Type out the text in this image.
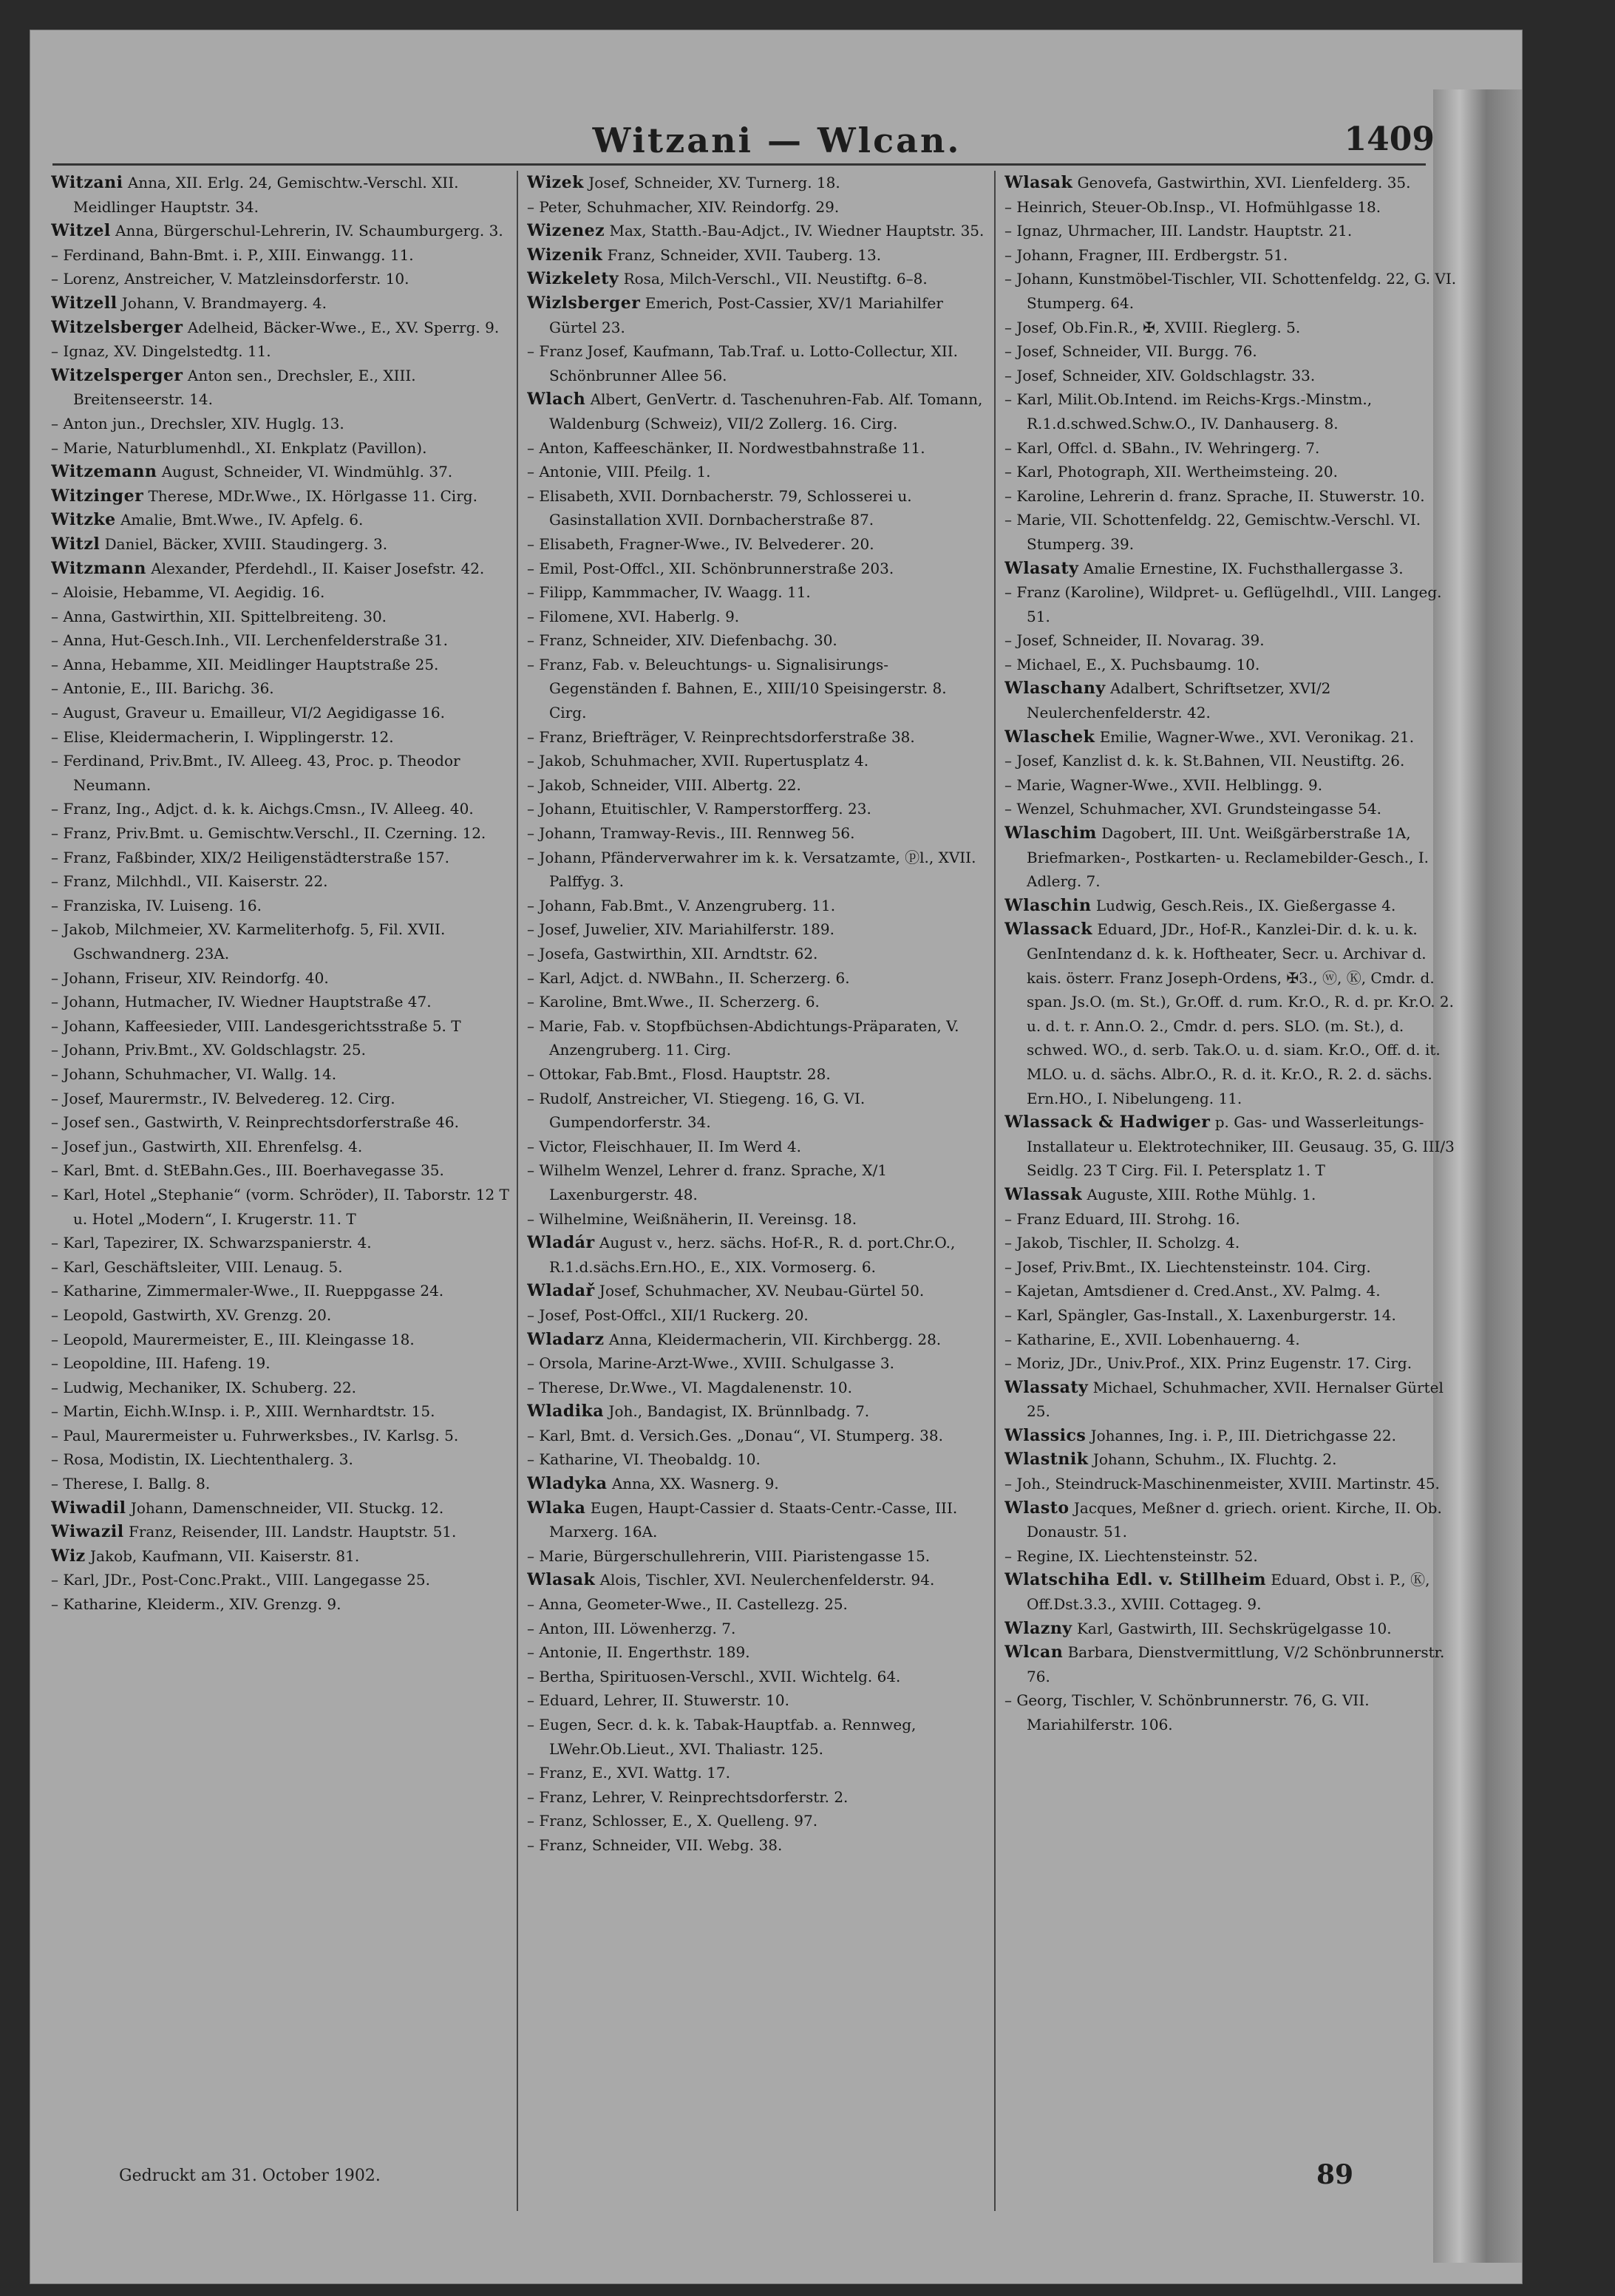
Witzani — Wlcan.	1409

Witzani Anna, XII. Erlg. 24, Gemischtw.-Verschl. XII. Meidlinger Hauptstr. 34.

Witzel Anna, Bürgerschul-Lehrerin, IV. Schaumburgerg. 3.

– Ferdinand, Bahn-Bmt. i. P., XIII. Einwangg. 11.

– Lorenz, Anstreicher, V. Matzleinsdorferstr. 10.

Witzell Johann, V. Brandmayerg. 4.

Witzelsberger Adelheid, Bäcker-Wwe., E., XV. Sperrg. 9.

– Ignaz, XV. Dingelstedtg. 11.

Witzelsperger Anton sen., Drechsler, E., XIII. Breitenseerstr. 14.

– Anton jun., Drechsler, XIV. Huglg. 13.

– Marie, Naturblumenhdl., XI. Enkplatz (Pavillon).

Witzemann August, Schneider, VI. Windmühlg. 37.

Witzinger Therese, MDr.Wwe., IX. Hörlgasse 11. Cirg.

Witzke Amalie, Bmt.Wwe., IV. Apfelg. 6.

Witzl Daniel, Bäcker, XVIII. Staudingerg. 3.

Witzmann Alexander, Pferdehdl., II. Kaiser Josefstr. 42.

– Aloisie, Hebamme, VI. Aegidig. 16.

– Anna, Gastwirthin, XII. Spittelbreiteng. 30.

– Anna, Hut-Gesch.Inh., VII. Lerchenfelderstraße 31.

– Anna, Hebamme, XII. Meidlinger Hauptstraße 25.

– Antonie, E., III. Barichg. 36.

– August, Graveur u. Emailleur, VI/2 Aegidigasse 16.

– Elise, Kleidermacherin, I. Wipplingerstr. 12.

– Ferdinand, Priv.Bmt., IV. Alleeg. 43, Proc. p. Theodor Neumann.

– Franz, Ing., Adjct. d. k. k. Aichgs.Cmsn., IV. Alleeg. 40.

– Franz, Priv.Bmt. u. Gemischtw.Verschl., II. Czerning. 12.

– Franz, Faßbinder, XIX/2 Heiligenstädterstraße 157.

– Franz, Milchhdl., VII. Kaiserstr. 22.

– Franziska, IV. Luiseng. 16.

– Jakob, Milchmeier, XV. Karmeliterhofg. 5, Fil. XVII. Gschwandnerg. 23A.

– Johann, Friseur, XIV. Reindorfg. 40.

– Johann, Hutmacher, IV. Wiedner Hauptstraße 47.

– Johann, Kaffeesieder, VIII. Landesgerichtsstraße 5. T

– Johann, Priv.Bmt., XV. Goldschlagstr. 25.

– Johann, Schuhmacher, VI. Wallg. 14.

– Josef, Maurermstr., IV. Belvedereg. 12. Cirg.

– Josef sen., Gastwirth, V. Reinprechtsdorferstraße 46.

– Josef jun., Gastwirth, XII. Ehrenfelsg. 4.

– Karl, Bmt. d. StEBahn.Ges., III. Boerhavegasse 35.

– Karl, Hotel „Stephanie“ (vorm. Schröder), II. Taborstr. 12 T u. Hotel „Modern“, I. Krugerstr. 11. T

– Karl, Tapezirer, IX. Schwarzspanierstr. 4.

– Karl, Geschäftsleiter, VIII. Lenaug. 5.

– Katharine, Zimmermaler-Wwe., II. Rueppgasse 24.

– Leopold, Gastwirth, XV. Grenzg. 20.

– Leopold, Maurermeister, E., III. Kleingasse 18.

– Leopoldine, III. Hafeng. 19.

– Ludwig, Mechaniker, IX. Schuberg. 22.

– Martin, Eichh.W.Insp. i. P., XIII. Wernhardtstr. 15.

– Paul, Maurermeister u. Fuhrwerksbes., IV. Karlsg. 5.

– Rosa, Modistin, IX. Liechtenthalerg. 3.

– Therese, I. Ballg. 8.

Wiwadil Johann, Damenschneider, VII. Stuckg. 12.

Wiwazil Franz, Reisender, III. Landstr. Hauptstr. 51.

Wiz Jakob, Kaufmann, VII. Kaiserstr. 81.

– Karl, JDr., Post-Conc.Prakt., VIII. Langegasse 25.

– Katharine, Kleiderm., XIV. Grenzg. 9.

Wizek Josef, Schneider, XV. Turnerg. 18.

– Peter, Schuhmacher, XIV. Reindorfg. 29.

Wizenez Max, Statth.-Bau-Adjct., IV. Wiedner Hauptstr. 35.

Wizenik Franz, Schneider, XVII. Tauberg. 13.

Wizkelety Rosa, Milch-Verschl., VII. Neustiftg. 6–8.

Wizlsberger Emerich, Post-Cassier, XV/1 Mariahilfer Gürtel 23.

– Franz Josef, Kaufmann, Tab.Traf. u. Lotto-Collectur, XII. Schönbrunner Allee 56.

Wlach Albert, GenVertr. d. Taschenuhren-Fab. Alf. Tomann, Waldenburg (Schweiz), VII/2 Zollerg. 16. Cirg.

– Anton, Kaffeeschänker, II. Nordwestbahnstraße 11.

– Antonie, VIII. Pfeilg. 1.

– Elisabeth, XVII. Dornbacherstr. 79, Schlosserei u. Gasinstallation XVII. Dornbacherstraße 87.

– Elisabeth, Fragner-Wwe., IV. Belvederег. 20.

– Emil, Post-Offcl., XII. Schönbrunnerstraße 203.

– Filipp, Kammmacher, IV. Waagg. 11.

– Filomene, XVI. Haberlg. 9.

– Franz, Schneider, XIV. Diefenbachg. 30.

– Franz, Fab. v. Beleuchtungs- u. Signalisirungs-Gegenständen f. Bahnen, E., XIII/10 Speisingerstr. 8. Cirg.

– Franz, Briefträger, V. Reinprechtsdorferstraße 38.

– Jakob, Schuhmacher, XVII. Rupertusplatz 4.

– Jakob, Schneider, VIII. Albertg. 22.

– Johann, Etuitischler, V. Ramperstorfferg. 23.

– Johann, Tramway-Revis., III. Rennweg 56.

– Johann, Pfänderverwahrer im k. k. Versatzamte, ⓟl., XVII. Palffyg. 3.

– Johann, Fab.Bmt., V. Anzengruberg. 11.

– Josef, Juwelier, XIV. Mariahilferstr. 189.

– Josefa, Gastwirthin, XII. Arndtstr. 62.

– Karl, Adjct. d. NWBahn., II. Scherzerg. 6.

– Karoline, Bmt.Wwe., II. Scherzerg. 6.

– Marie, Fab. v. Stopfbüchsen-Abdichtungs-Präparaten, V. Anzengruberg. 11. Cirg.

– Ottokar, Fab.Bmt., Flosd. Hauptstr. 28.

– Rudolf, Anstreicher, VI. Stiegeng. 16, G. VI. Gumpendorferstr. 34.

– Victor, Fleischhauer, II. Im Werd 4.

– Wilhelm Wenzel, Lehrer d. franz. Sprache, X/1 Laxenburgerstr. 48.

– Wilhelmine, Weißnäherin, II. Vereinsg. 18.

Wladár August v., herz. sächs. Hof-R., R. d. port.Chr.O., R.1.d.sächs.Ern.HO., E., XIX. Vormoserg. 6.

Wladař Josef, Schuhmacher, XV. Neubau-Gürtel 50.

– Josef, Post-Offcl., XII/1 Ruckerg. 20.

Wladarz Anna, Kleidermacherin, VII. Kirchbergg. 28.

– Orsola, Marine-Arzt-Wwe., XVIII. Schulgasse 3.

– Therese, Dr.Wwe., VI. Magdalenenstr. 10.

Wladika Joh., Bandagist, IX. Brünnlbadg. 7.

– Karl, Bmt. d. Versich.Ges. „Donau“, VI. Stumperg. 38.

– Katharine, VI. Theobaldg. 10.

Wladyka Anna, XX. Wasnerg. 9.

Wlaka Eugen, Haupt-Cassier d. Staats-Centr.-Casse, III. Marxerg. 16A.

– Marie, Bürgerschullehrerin, VIII. Piaristengasse 15.

Wlasak Alois, Tischler, XVI. Neulerchenfelderstr. 94.

– Anna, Geometer-Wwe., II. Castellezg. 25.

– Anton, III. Löwenherzg. 7.

– Antonie, II. Engerthstr. 189.

– Bertha, Spirituosen-Verschl., XVII. Wichtelg. 64.

– Eduard, Lehrer, II. Stuwerstr. 10.

– Eugen, Secr. d. k. k. Tabak-Hauptfab. a. Rennweg, LWehr.Ob.Lieut., XVI. Thaliastr. 125.

– Franz, E., XVI. Wattg. 17.

– Franz, Lehrer, V. Reinprechtsdorferstr. 2.

– Franz, Schlosser, E., X. Quelleng. 97.

– Franz, Schneider, VII. Webg. 38.

Wlasak Genovefa, Gastwirthin, XVI. Lienfelderg. 35.

– Heinrich, Steuer-Ob.Insp., VI. Hofmühlgasse 18.

– Ignaz, Uhrmacher, III. Landstr. Hauptstr. 21.

– Johann, Fragner, III. Erdbergstr. 51.

– Johann, Kunstmöbel-Tischler, VII. Schottenfeldg. 22, G. VI. Stumperg. 64.

– Josef, Ob.Fin.R., ✠, XVIII. Rieglerg. 5.

– Josef, Schneider, VII. Burgg. 76.

– Josef, Schneider, XIV. Goldschlagstr. 33.

– Karl, Milit.Ob.Intend. im Reichs-Krgs.-Minstm., R.1.d.schwed.Schw.O., IV. Danhauserg. 8.

– Karl, Offcl. d. SBahn., IV. Wehringerg. 7.

– Karl, Photograph, XII. Wertheimsteing. 20.

– Karoline, Lehrerin d. franz. Sprache, II. Stuwerstr. 10.

– Marie, VII. Schottenfeldg. 22, Gemischtw.-Verschl. VI. Stumperg. 39.

Wlasaty Amalie Ernestine, IX. Fuchsthallergasse 3.

– Franz (Karoline), Wildpret- u. Geflügelhdl., VIII. Langeg. 51.

– Josef, Schneider, II. Novarag. 39.

– Michael, E., X. Puchsbaumg. 10.

Wlaschany Adalbert, Schriftsetzer, XVI/2 Neulerchenfelderstr. 42.

Wlaschek Emilie, Wagner-Wwe., XVI. Veronikag. 21.

– Josef, Kanzlist d. k. k. St.Bahnen, VII. Neustiftg. 26.

– Marie, Wagner-Wwe., XVII. Helblingg. 9.

– Wenzel, Schuhmacher, XVI. Grundsteingasse 54.

Wlaschim Dagobert, III. Unt. Weißgärberstraße 1A, Briefmarken-, Postkarten- u. Reclamebilder-Gesch., I. Adlerg. 7.

Wlaschin Ludwig, Gesch.Reis., IX. Gießergasse 4.

Wlassack Eduard, JDr., Hof-R., Kanzlei-Dir. d. k. u. k. GenIntendanz d. k. k. Hoftheater, Secr. u. Archivar d. kais. österr. Franz Joseph-Ordens, ✠3., ⓦ, Ⓚ, Cmdr. d. span. Js.O. (m. St.), Gr.Off. d. rum. Kr.O., R. d. pr. Kr.O. 2. u. d. t. r. Ann.O. 2., Cmdr. d. pers. SLO. (m. St.), d. schwed. WO., d. serb. Tak.O. u. d. siam. Kr.O., Off. d. it. MLO. u. d. sächs. Albr.O., R. d. it. Kr.O., R. 2. d. sächs. Ern.HO., I. Nibelungeng. 11.

Wlassack & Hadwiger p. Gas- und Wasserleitungs-Installateur u. Elektrotechniker, III. Geusaug. 35, G. III/3 Seidlg. 23 T Cirg. Fil. I. Petersplatz 1. T

Wlassak Auguste, XIII. Rothe Mühlg. 1.

– Franz Eduard, III. Strohg. 16.

– Jakob, Tischler, II. Scholzg. 4.

– Josef, Priv.Bmt., IX. Liechtensteinstr. 104. Cirg.

– Kajetan, Amtsdiener d. Cred.Anst., XV. Palmg. 4.

– Karl, Spängler, Gas-Install., X. Laxenburgerstr. 14.

– Katharine, E., XVII. Lobenhauerng. 4.

– Moriz, JDr., Univ.Prof., XIX. Prinz Eugenstr. 17. Cirg.

Wlassaty Michael, Schuhmacher, XVII. Hernalser Gürtel 25.

Wlassics Johannes, Ing. i. P., III. Dietrichgasse 22.

Wlastnik Johann, Schuhm., IX. Fluchtg. 2.

– Joh., Steindruck-Maschinenmeister, XVIII. Martinstr. 45.

Wlasto Jacques, Meßner d. griech. orient. Kirche, II. Ob. Donaustr. 51.

– Regine, IX. Liechtensteinstr. 52.

Wlatschiha Edl. v. Stillheim Eduard, Obst i. P., Ⓚ, Off.Dst.3.3., XVIII. Cottageg. 9.

Wlazny Karl, Gastwirth, III. Sechskrügelgasse 10.

Wlcan Barbara, Dienstvermittlung, V/2 Schönbrunnerstr. 76.

– Georg, Tischler, V. Schönbrunnerstr. 76, G. VII. Mariahilferstr. 106.

Gedruckt am 31. October 1902.	89
